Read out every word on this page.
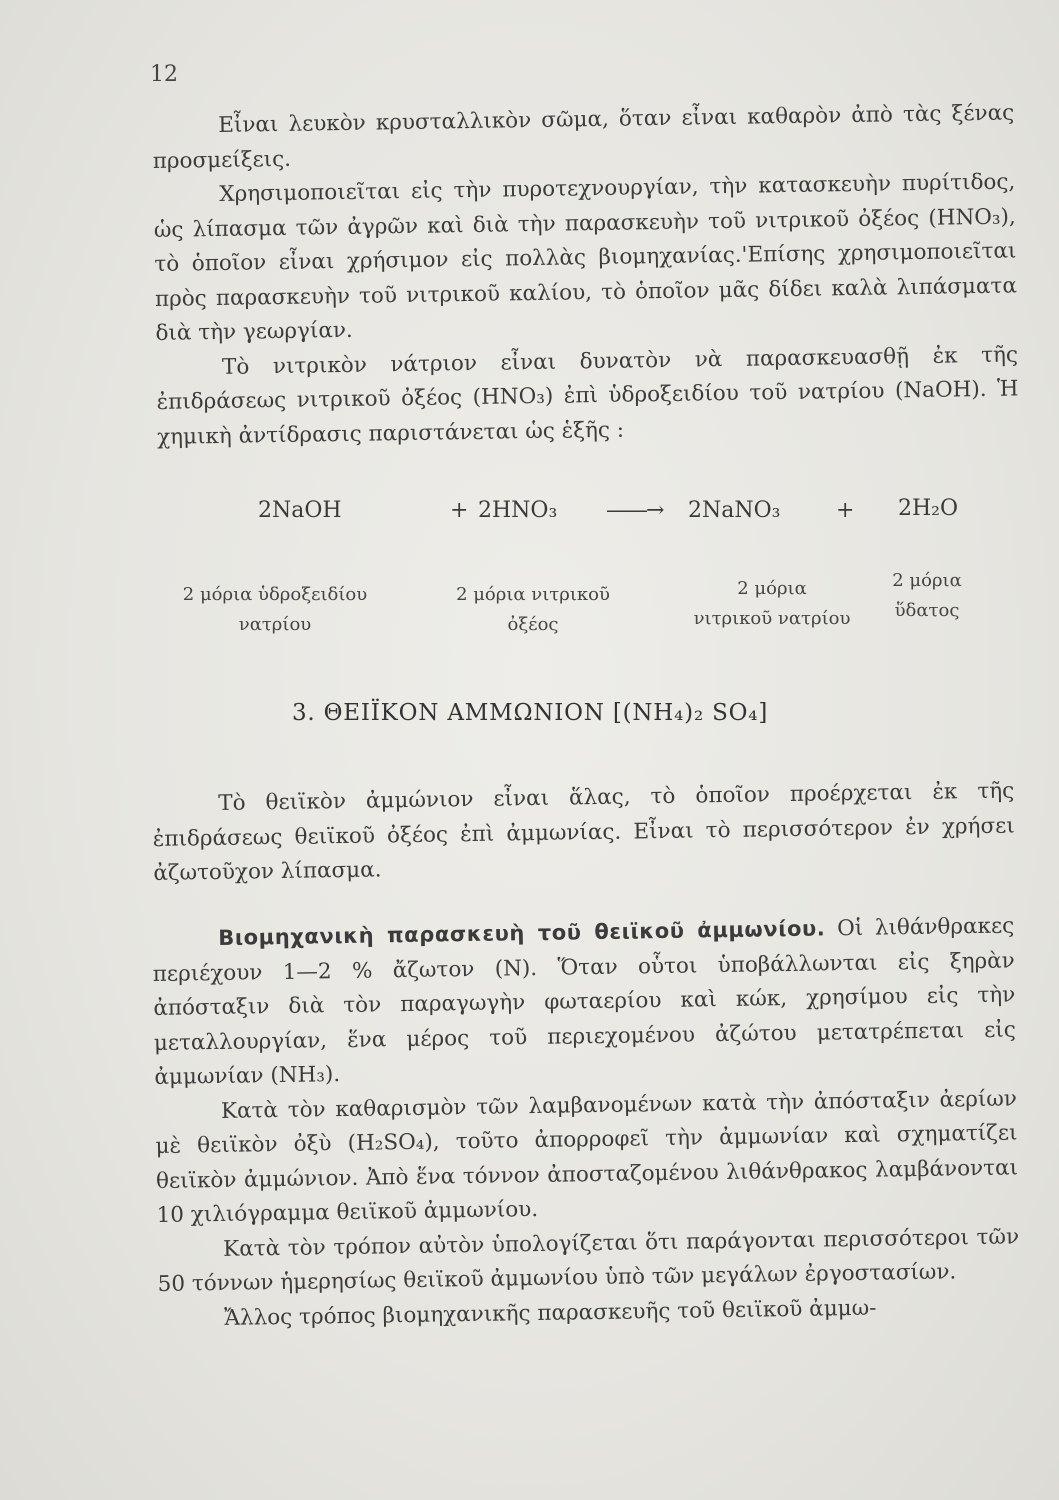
12

Εἶναι λευκὸν κρυσταλλικὸν σῶμα, ὅταν εἶναι καθαρὸν ἀπὸ τὰς ξένας προσμείξεις.

Χρησιμοποιεῖται εἰς τὴν πυροτεχνουργίαν, τὴν κατασκευὴν πυρίτιδος, ὡς λίπασμα τῶν ἀγρῶν καὶ διὰ τὴν παρασκευὴν τοῦ νιτρικοῦ ὀξέος (HNO₃), τὸ ὁποῖον εἶναι χρήσιμον εἰς πολλὰς βιομηχανίας.'Επίσης χρησιμοποιεῖται πρὸς παρασκευὴν τοῦ νιτρικοῦ καλίου, τὸ ὁποῖον μᾶς δίδει καλὰ λιπάσματα διὰ τὴν γεωργίαν.

Τὸ νιτρικὸν νάτριον εἶναι δυνατὸν νὰ παρασκευασθῇ ἐκ τῆς ἐπιδράσεως νιτρικοῦ ὀξέος (HNO₃) ἐπὶ ὑδροξειδίου τοῦ νατρίου (NaOH). Ἡ χημικὴ ἀντίδρασις παριστάνεται ὡς ἑξῆς :

2NaOH	+ 2HNO₃ ——→ 2NaNO₃	+ 2H₂O
2 μόρια ὑδροξειδίου
νατρίου
2 μόρια νιτρικοῦ
ὀξέος
2 μόρια
νιτρικοῦ νατρίου
2 μόρια
ὕδατος
3. ΘΕΙΪΚΟΝ ΑΜΜΩΝΙΟΝ [(NH₄)₂ SO₄]

Τὸ θειϊκὸν ἀμμώνιον εἶναι ἅλας, τὸ ὁποῖον προέρχεται ἐκ τῆς ἐπιδράσεως θειϊκοῦ ὀξέος ἐπὶ ἀμμωνίας. Εἶναι τὸ περισσότερον ἐν χρήσει ἀζωτοῦχον λίπασμα.

Βιομηχανικὴ παρασκευὴ τοῦ θειϊκοῦ ἀμμωνίου. Οἱ λιθάνθρακες περιέχουν 1—2 % ἄζωτον (N). Ὅταν οὗτοι ὑποβάλλωνται εἰς ξηρὰν ἀπόσταξιν διὰ τὸν παραγωγὴν φωταερίου καὶ κώκ, χρησίμου εἰς τὴν μεταλλουργίαν, ἕνα μέρος τοῦ περιεχομένου ἀζώτου μετατρέπεται εἰς ἀμμωνίαν (NH₃).

Κατὰ τὸν καθαρισμὸν τῶν λαμβανομένων κατὰ τὴν ἀπόσταξιν ἀερίων μὲ θειϊκὸν ὀξὺ (H₂SO₄), τοῦτο ἀπορροφεῖ τὴν ἀμμωνίαν καὶ σχηματίζει θειϊκὸν ἀμμώνιον. Ἀπὸ ἕνα τόννον ἀποσταζομένου λιθάνθρακος λαμβάνονται 10 χιλιόγραμμα θειϊκοῦ ἀμμωνίου.

Κατὰ τὸν τρόπον αὐτὸν ὑπολογίζεται ὅτι παράγονται περισσότεροι τῶν 50 τόννων ἡμερησίως θειϊκοῦ ἀμμωνίου ὑπὸ τῶν μεγάλων ἐργοστασίων.

Ἄλλος τρόπος βιομηχανικῆς παρασκευῆς τοῦ θειϊκοῦ ἀμμω-
